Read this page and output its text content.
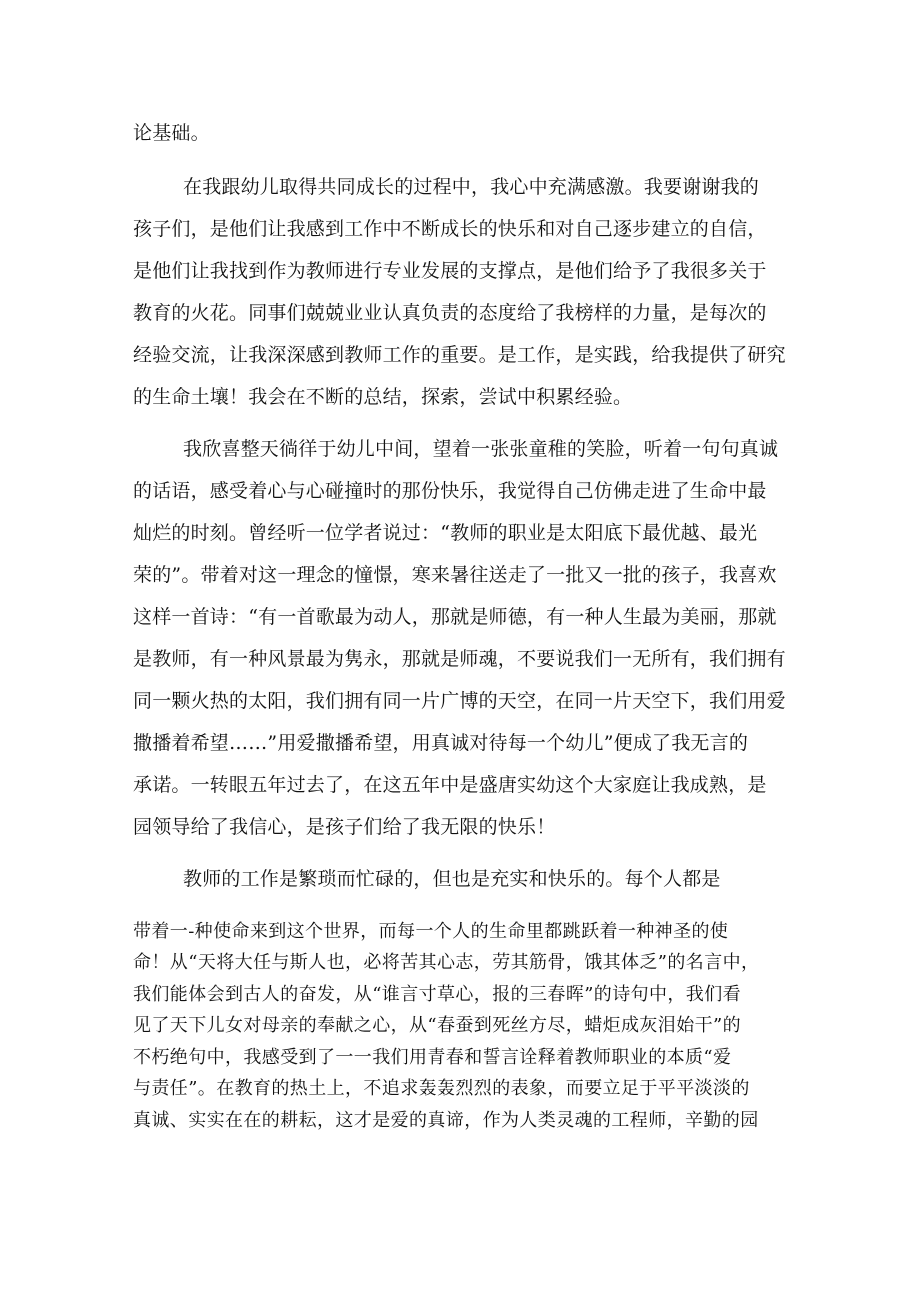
论基础。
在我跟幼儿取得共同成长的过程中，我心中充满感激。我要谢谢我的
孩子们，是他们让我感到工作中不断成长的快乐和对自己逐步建立的自信，
是他们让我找到作为教师进行专业发展的支撑点，是他们给予了我很多关于
教育的火花。同事们兢兢业业认真负责的态度给了我榜样的力量，是每次的
经验交流，让我深深感到教师工作的重要。是工作，是实践，给我提供了研究
的生命土壤！我会在不断的总结，探索，尝试中积累经验。
我欣喜整天徜徉于幼儿中间，望着一张张童稚的笑脸，听着一句句真诚
的话语，感受着心与心碰撞时的那份快乐，我觉得自己仿佛走进了生命中最
灿烂的时刻。曾经听一位学者说过：“教师的职业是太阳底下最优越、最光
荣的”。带着对这一理念的憧憬，寒来暑往送走了一批又一批的孩子，我喜欢
这样一首诗：“有一首歌最为动人，那就是师德，有一种人生最为美丽，那就
是教师，有一种风景最为隽永，那就是师魂，不要说我们一无所有，我们拥有
同一颗火热的太阳，我们拥有同一片广博的天空，在同一片天空下，我们用爱
撒播着希望……”用爱撒播希望，用真诚对待每一个幼儿”便成了我无言的
承诺。一转眼五年过去了，在这五年中是盛唐实幼这个大家庭让我成熟，是
园领导给了我信心，是孩子们给了我无限的快乐！
教师的工作是繁琐而忙碌的，但也是充实和快乐的。每个人都是
带着一-种使命来到这个世界，而每一个人的生命里都跳跃着一种神圣的使
命！从“天将大任与斯人也，必将苦其心志，劳其筋骨，饿其体乏”的名言中，
我们能体会到古人的奋发，从“谁言寸草心，报的三春晖”的诗句中，我们看
见了天下儿女对母亲的奉献之心，从“春蚕到死丝方尽，蜡炬成灰泪始干”的
不朽绝句中，我感受到了一一我们用青春和誓言诠释着教师职业的本质“爱
与责任”。在教育的热土上，不追求轰轰烈烈的表象，而要立足于平平淡淡的
真诚、实实在在的耕耘，这才是爱的真谛，作为人类灵魂的工程师，辛勤的园
